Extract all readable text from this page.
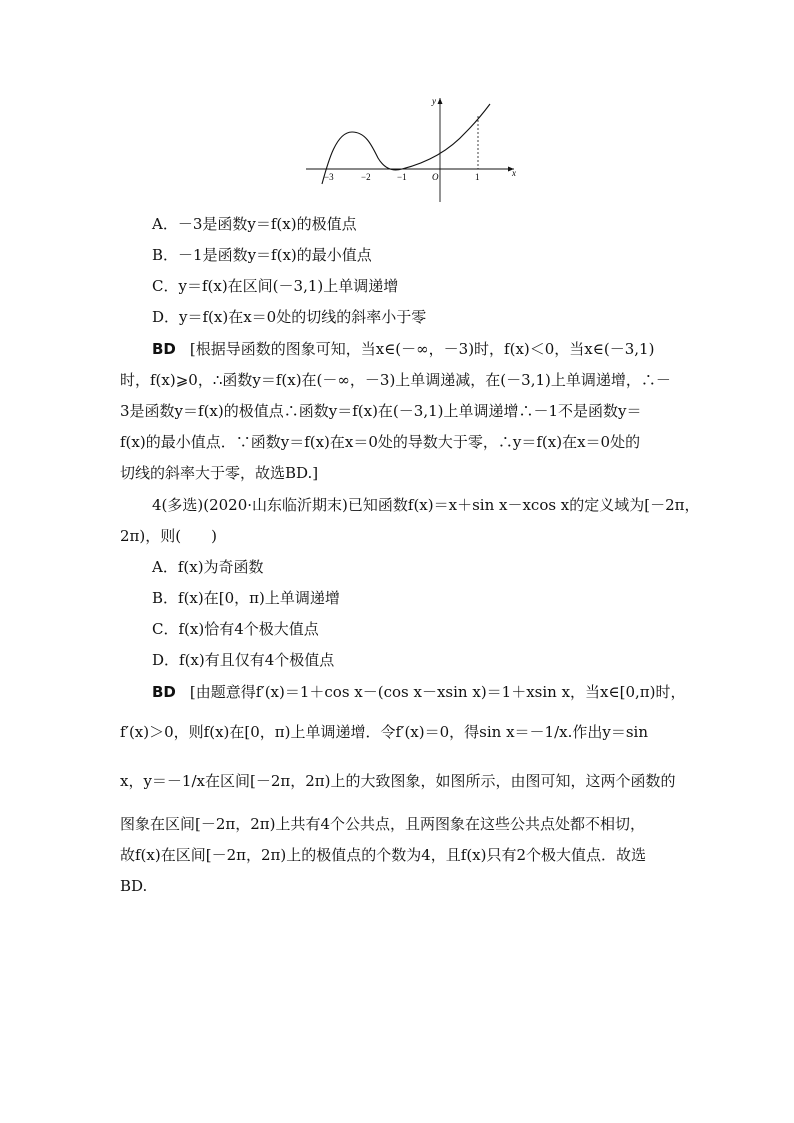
x
y
−3	−2	−1	O	1
A．－3是函数y＝f(x)的极值点
B．－1是函数y＝f(x)的最小值点
C．y＝f(x)在区间(－3,1)上单调递增
D．y＝f(x)在x＝0处的切线的斜率小于零
BD [根据导函数的图象可知，当x∈(－∞，－3)时，f(x)＜0，当x∈(－3,1)
时，f(x)⩾0，∴函数y＝f(x)在(－∞，－3)上单调递减，在(－3,1)上单调递增，∴－
3是函数y＝f(x)的极值点∴函数y＝f(x)在(－3,1)上单调递增∴－1不是函数y＝
f(x)的最小值点．∵函数y＝f(x)在x＝0处的导数大于零，∴y＝f(x)在x＝0处的
切线的斜率大于零，故选BD.]
4(多选)(2020·山东临沂期末)已知函数f(x)＝x＋sin x－xcos x的定义域为[－2π，
2π)，则(　　)
A．f(x)为奇函数
B．f(x)在[0，π)上单调递增
C．f(x)恰有4个极大值点
D．f(x)有且仅有4个极值点
BD [由题意得f′(x)＝1＋cos x－(cos x－xsin x)＝1＋xsin x，当x∈[0,π)时，
f′(x)＞0，则f(x)在[0，π)上单调递增．令f′(x)＝0，得sin x＝－1/x.作出y＝sin
x，y＝－1/x在区间[－2π，2π)上的大致图象，如图所示，由图可知，这两个函数的
图象在区间[－2π，2π)上共有4个公共点，且两图象在这些公共点处都不相切，
故f(x)在区间[－2π，2π)上的极值点的个数为4，且f(x)只有2个极大值点．故选
BD.
